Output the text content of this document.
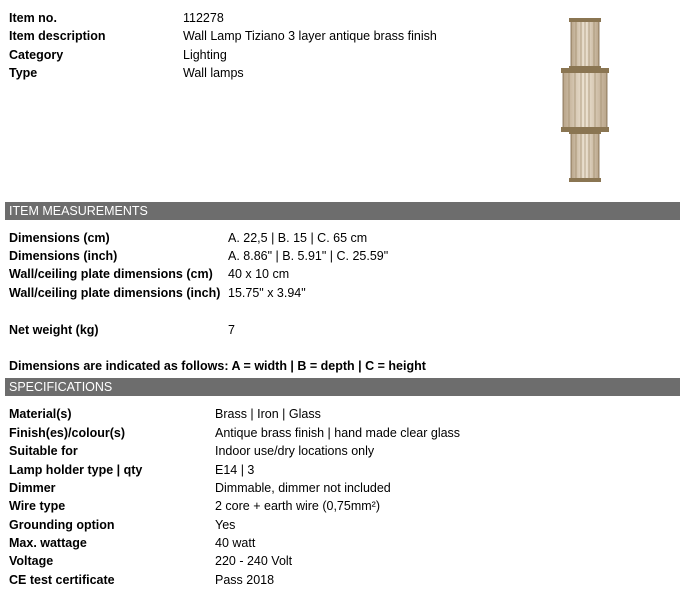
Item no.	112278
Item description	Wall Lamp Tiziano 3 layer antique brass finish
Category	Lighting
Type	Wall lamps
ITEM MEASUREMENTS
Dimensions (cm)	A. 22,5 | B. 15 | C. 65 cm
Dimensions (inch)	A. 8.86" | B. 5.91" | C. 25.59"
Wall/ceiling plate dimensions (cm) 40 x 10 cm
Wall/ceiling plate dimensions (inch) 15.75" x 3.94"
Net weight (kg)	7
Dimensions are indicated as follows: A = width | B = depth | C = height
SPECIFICATIONS
Material(s)	Brass | Iron | Glass
Finish(es)/colour(s)	Antique brass finish | hand made clear glass
Suitable for	Indoor use/dry locations only
Lamp holder type | qty	E14 | 3
Dimmer	Dimmable, dimmer not included
Wire type	2 core + earth wire (0,75mm²)
Grounding option	Yes
Max. wattage	40 watt
Voltage	220 - 240 Volt
CE test certificate	Pass 2018
